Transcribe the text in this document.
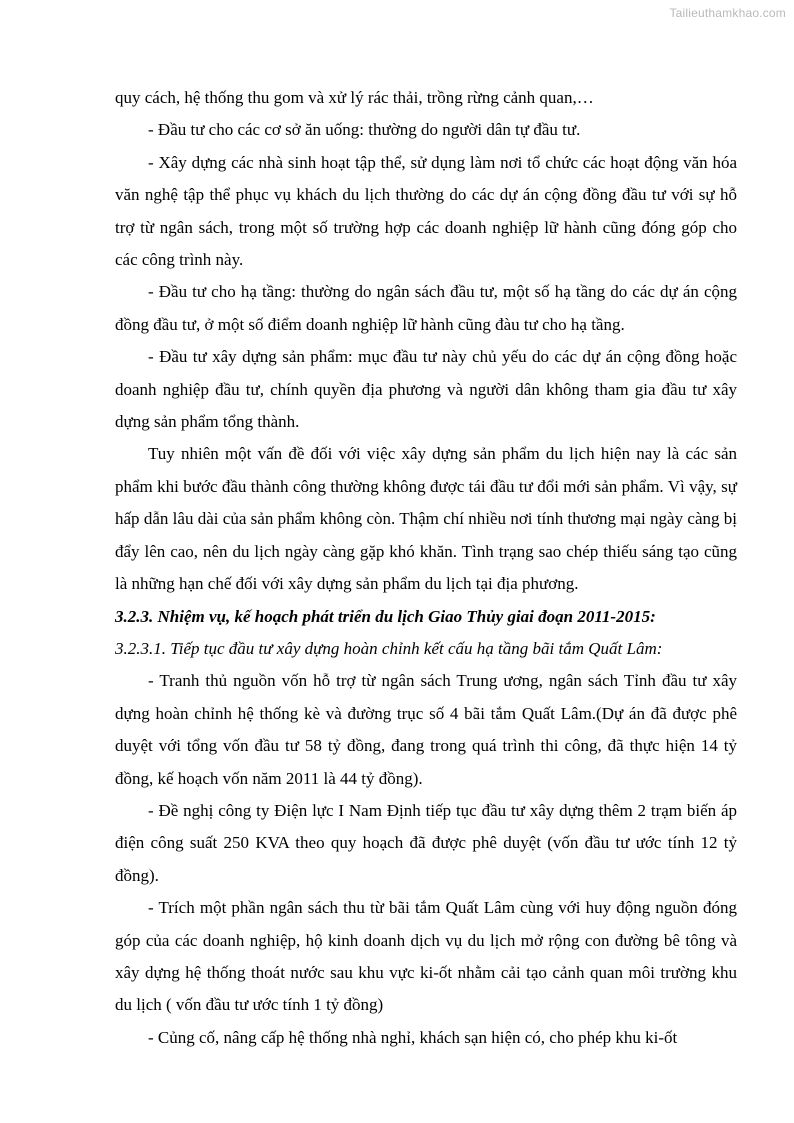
Tailieuthamkhao.com

quy cách, hệ thống thu gom và xử lý rác thải, trồng rừng cảnh quan,…

- Đầu tư cho các cơ sở ăn uống: thường do người dân tự đầu tư.

- Xây dựng các nhà sinh hoạt tập thể, sử dụng làm nơi tổ chức các hoạt động văn hóa văn nghệ tập thể phục vụ khách du lịch thường do các dự án cộng đồng đầu tư với sự hỗ trợ từ ngân sách, trong một số trường hợp các doanh nghiệp lữ hành cũng đóng góp cho các công trình này.

- Đầu tư cho hạ tầng: thường do ngân sách đầu tư, một số hạ tầng do các dự án cộng đồng đầu tư, ở một số điểm doanh nghiệp lữ hành cũng đàu tư cho hạ tầng.

- Đầu tư xây dựng sản phẩm: mục đầu tư này chủ yếu do các dự án cộng đồng hoặc doanh nghiệp đầu tư, chính quyền địa phương và người dân không tham gia đầu tư xây dựng sản phẩm tổng thành.

Tuy nhiên một vấn đề đối với việc xây dựng sản phẩm du lịch hiện nay là các sản phẩm khi bước đầu thành công thường không được tái đầu tư đổi mới sản phẩm. Vì vậy, sự hấp dẫn lâu dài của sản phẩm không còn. Thậm chí nhiều nơi tính thương mại ngày càng bị đẩy lên cao, nên du lịch ngày càng gặp khó khăn. Tình trạng sao chép thiếu sáng tạo cũng là những hạn chế đối với xây dựng sản phẩm du lịch tại địa phương.

3.2.3. Nhiệm vụ, kế hoạch phát triển du lịch Giao Thủy giai đoạn 2011-2015:

3.2.3.1. Tiếp tục đầu tư xây dựng hoàn chỉnh kết cấu hạ tầng bãi tắm Quất Lâm:

- Tranh thủ nguồn vốn hỗ trợ từ ngân sách Trung ương, ngân sách Tỉnh đầu tư xây dựng hoàn chỉnh hệ thống kè và đường trục số 4 bãi tắm Quất Lâm.(Dự án đã được phê duyệt với tổng vốn đầu tư 58 tỷ đồng, đang trong quá trình thi công, đã thực hiện 14 tỷ đồng, kế hoạch vốn năm 2011 là 44 tỷ đồng).

- Đề nghị công ty Điện lực I Nam Định tiếp tục đầu tư xây dựng thêm 2 trạm biến áp điện công suất 250 KVA theo quy hoạch đã được phê duyệt (vốn đầu tư ước tính 12 tỷ đồng).

- Trích một phần ngân sách thu từ bãi tắm Quất Lâm cùng với huy động nguồn đóng góp của các doanh nghiệp, hộ kinh doanh dịch vụ du lịch mở rộng con đường bê tông và xây dựng hệ thống thoát nước sau khu vực ki-ốt nhằm cải tạo cảnh quan môi trường khu du lịch ( vốn đầu tư ước tính 1 tỷ đồng)

- Củng cố, nâng cấp hệ thống nhà nghỉ, khách sạn hiện có, cho phép khu ki-ốt
